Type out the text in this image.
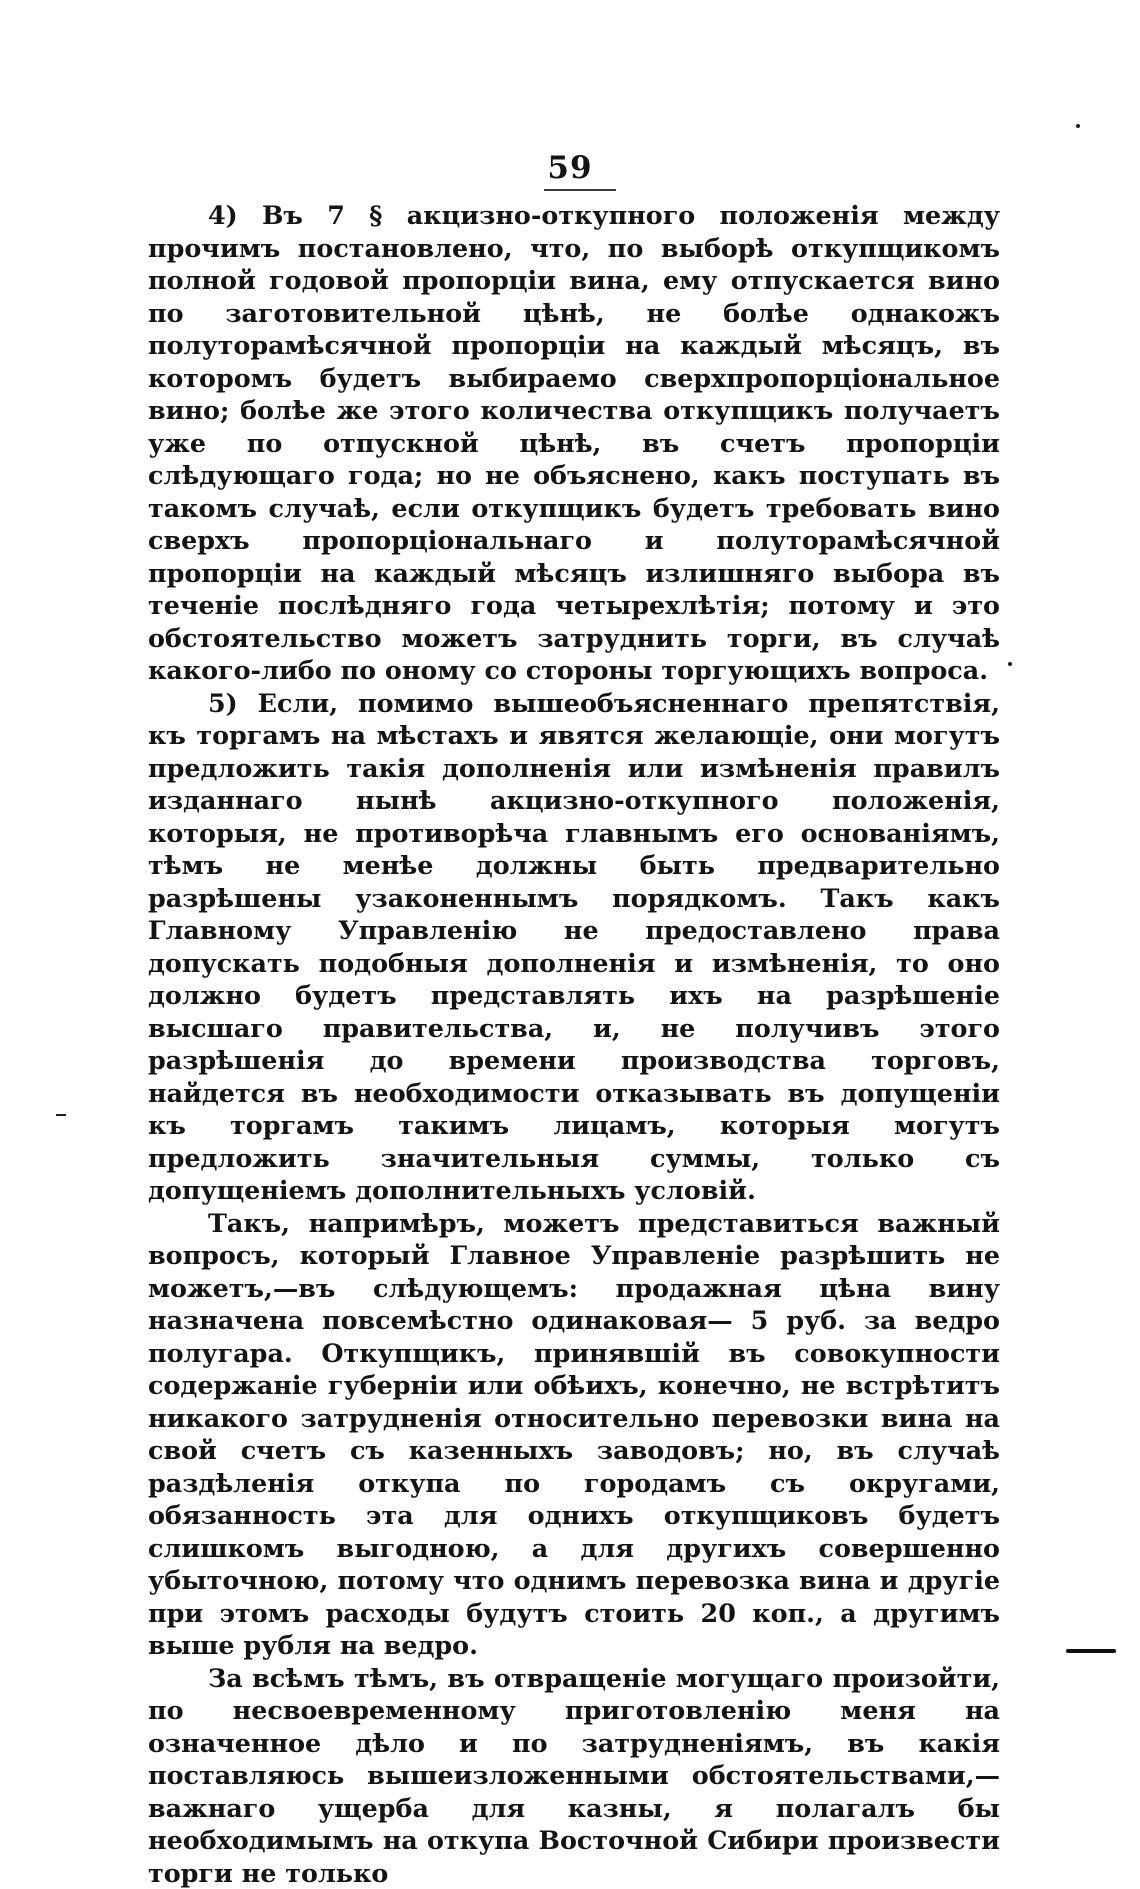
59

4) Въ 7 § акцизно-откупного положенія между прочимъ постановлено, что, по выборѣ откупщикомъ полной годовой пропорціи вина, ему отпускается вино по заготовительной цѣнѣ, не болѣе однакожъ полуторамѣсячной пропорціи на каждый мѣсяцъ, въ которомъ будетъ выбираемо сверхпропорціональное вино; болѣе же этого количества откупщикъ получаетъ уже по отпускной цѣнѣ, въ счетъ пропорціи слѣдующаго года; но не объяснено, какъ поступать въ такомъ случаѣ, если откупщикъ будетъ требовать вино сверхъ пропорціональнаго и полуторамѣсячной пропорціи на каждый мѣсяцъ излишняго выбора въ теченіе послѣдняго года четырехлѣтія; потому и это обстоятельство можетъ затруднить торги, въ случаѣ какого-либо по оному со стороны торгующихъ вопроса.

5) Если, помимо вышеобъясненнаго препятствія, къ торгамъ на мѣстахъ и явятся желающіе, они могутъ предложить такія дополненія или измѣненія правилъ изданнаго нынѣ акцизно-откупного положенія, которыя, не противорѣча главнымъ его основаніямъ, тѣмъ не менѣе должны быть предварительно разрѣшены узаконеннымъ порядкомъ. Такъ какъ Главному Управленію не предоставлено права допускать подобныя дополненія и измѣненія, то оно должно будетъ представлять ихъ на разрѣшеніе высшаго правительства, и, не получивъ этого разрѣшенія до времени производства торговъ, найдется въ необходимости отказывать въ допущеніи къ торгамъ такимъ лицамъ, которыя могутъ предложить значительныя суммы, только съ допущеніемъ дополнительныхъ условій.

Такъ, напримѣръ, можетъ представиться важный вопросъ, который Главное Управленіе разрѣшить не можетъ,—въ слѣдующемъ: продажная цѣна вину назначена повсемѣстно одинаковая— 5 руб. за ведро полугара. Откупщикъ, принявшій въ совокупности содержаніе губерніи или обѣихъ, конечно, не встрѣтитъ никакого затрудненія относительно перевозки вина на свой счетъ съ казенныхъ заводовъ; но, въ случаѣ раздѣленія откупа по городамъ съ округами, обязанность эта для однихъ откупщиковъ будетъ слишкомъ выгодною, а для другихъ совершенно убыточною, потому что однимъ перевозка вина и другіе при этомъ расходы будутъ стоить 20 коп., а другимъ выше рубля на ведро.

За всѣмъ тѣмъ, въ отвращеніе могущаго произойти, по несвоевременному приготовленію меня на означенное дѣло и по затрудненіямъ, въ какія поставляюсь вышеизложенными обстоятельствами,—важнаго ущерба для казны, я полагалъ бы необходимымъ на откупа Восточной Сибири произвести торги не только
